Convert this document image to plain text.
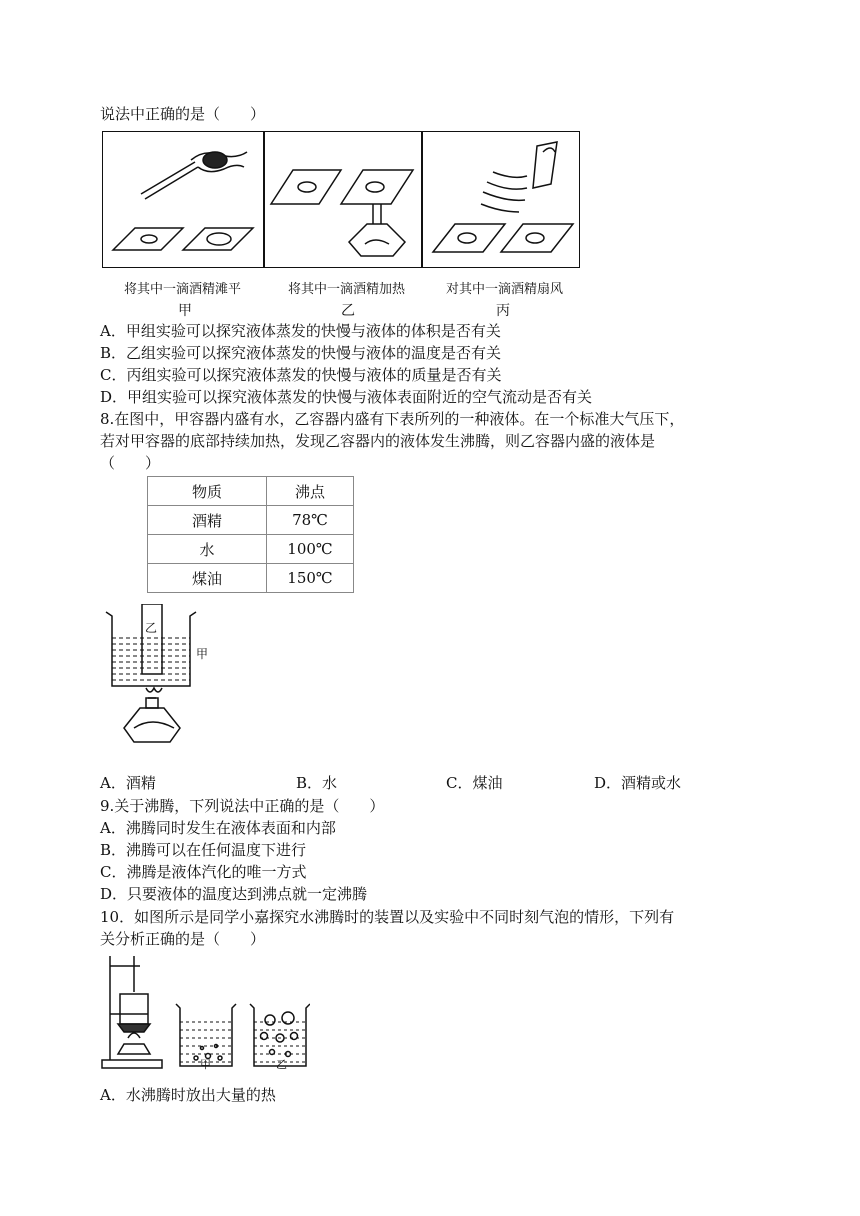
说法中正确的是（　　）
将其中一滴酒精滩平	将其中一滴酒精加热	对其中一滴酒精扇风
甲	乙	丙
A．甲组实验可以探究液体蒸发的快慢与液体的体积是否有关
B．乙组实验可以探究液体蒸发的快慢与液体的温度是否有关
C．丙组实验可以探究液体蒸发的快慢与液体的质量是否有关
D．甲组实验可以探究液体蒸发的快慢与液体表面附近的空气流动是否有关
8.在图中，甲容器内盛有水，乙容器内盛有下表所列的一种液体。在一个标准大气压下，
若对甲容器的底部持续加热，发现乙容器内的液体发生沸腾，则乙容器内盛的液体是
（　　）
物质	沸点
酒精	78℃
水	100℃
煤油	150℃
乙
甲
A．酒精	B．水	C．煤油	D．酒精或水
9.关于沸腾，下列说法中正确的是（　　）
A．沸腾同时发生在液体表面和内部
B．沸腾可以在任何温度下进行
C．沸腾是液体汽化的唯一方式
D．只要液体的温度达到沸点就一定沸腾
10．如图所示是同学小嘉探究水沸腾时的装置以及实验中不同时刻气泡的情形，下列有
关分析正确的是（　　）
甲	乙
A．水沸腾时放出大量的热
